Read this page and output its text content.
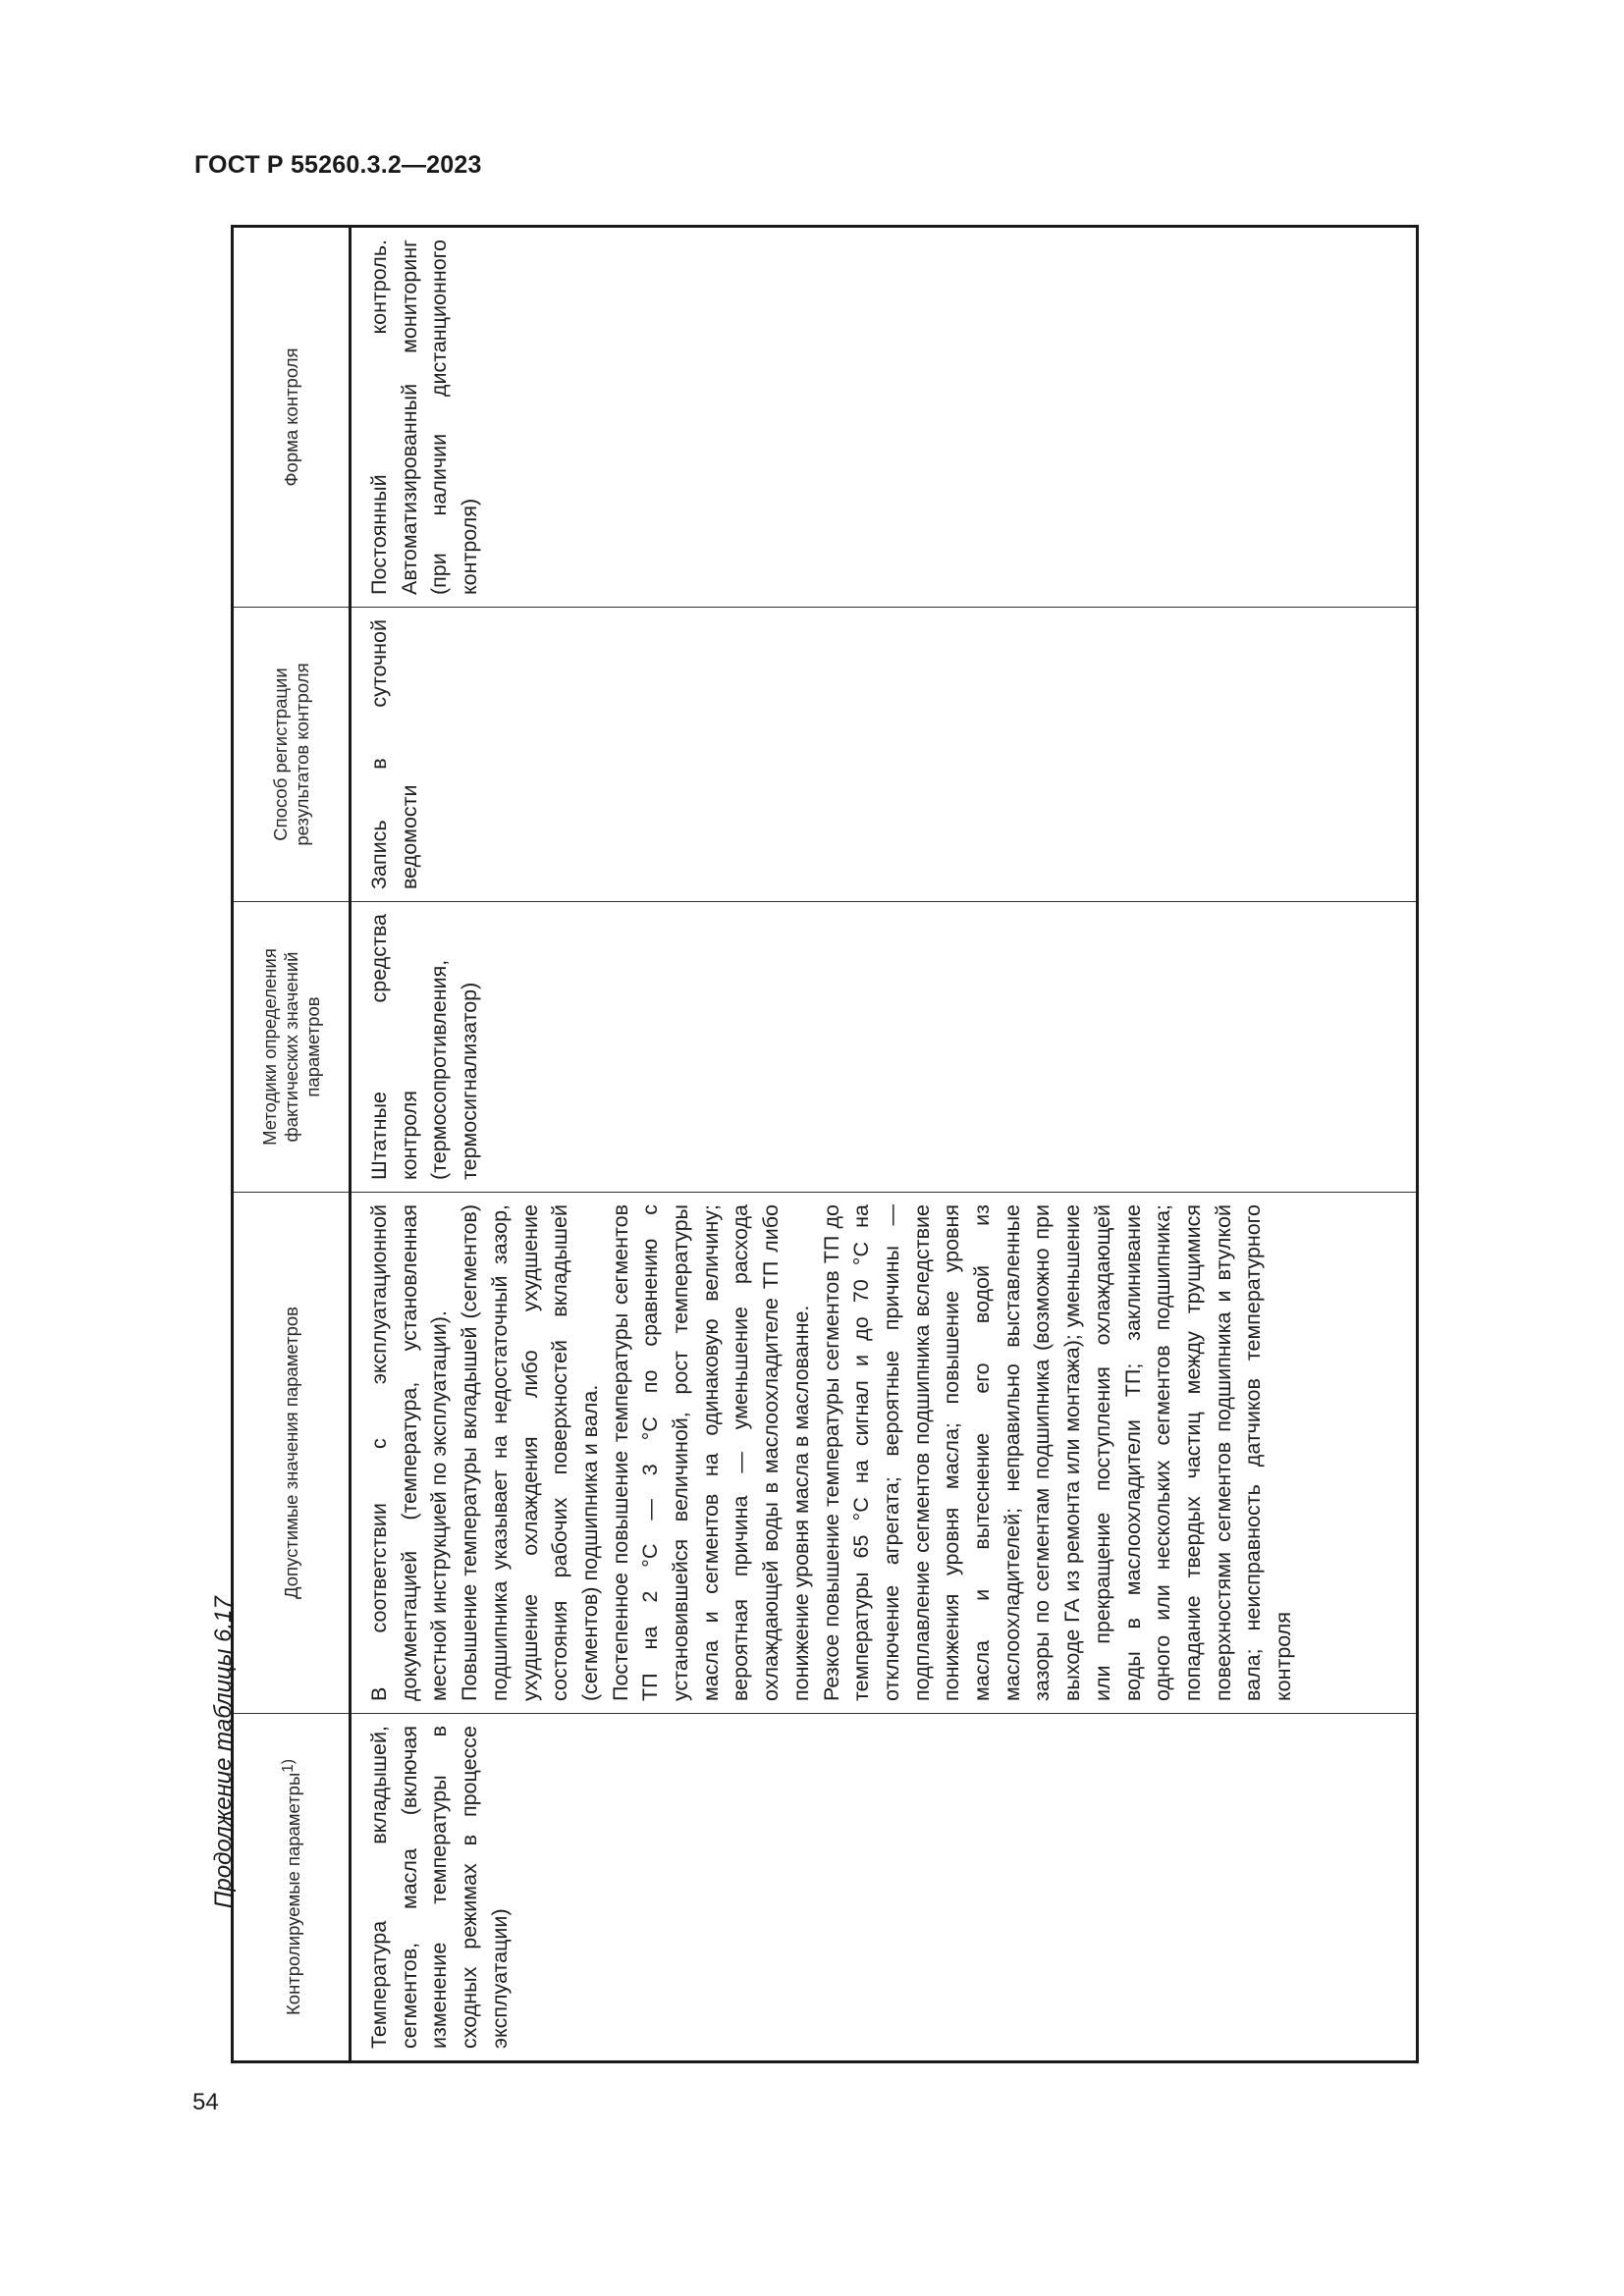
ГОСТ Р 55260.3.2—2023
Продолжение таблицы 6.17
54
Контролируемые параметры$^{1)}$	Допустимые значения параметров	Методики определения фактических значений параметров	Способ регистрации результатов контроля	Форма контроля
Температура вкладышей, сегментов, масла (включая изменение температуры в сходных режимах в процессе эксплуатации)	В соответствии с эксплуатационной документацией (температура, установленная местной инструкцией по эксплуатации). Повышение температуры вкладышей (сегментов) подшипника указывает на недостаточный зазор, ухудшение охлаждения либо ухудшение состояния рабочих поверхностей вкладышей (сегментов) подшипника и вала. Постепенное повышение температуры сегментов ТП на 2 °С — 3 °С по сравнению с установившейся величиной, рост температуры масла и сегментов на одинаковую величину; вероятная причина — уменьшение расхода охлаждающей воды в маслоохладителе ТП либо понижение уровня масла в маслованне. Резкое повышение температуры сегментов ТП до температуры 65 °С на сигнал и до 70 °С на отключение агрегата; вероятные причины — подплавление сегментов подшипника вследствие понижения уровня масла; повышение уровня масла и вытеснение его водой из маслоохладителей; неправильно выставленные зазоры по сегментам подшипника (возможно при выходе ГА из ремонта или монтажа); уменьшение или прекращение поступления охлаждающей воды в маслоохладители ТП; заклинивание одного или нескольких сегментов подшипника; попадание твердых частиц между трущимися поверхностями сегментов подшипника и втулкой вала; неисправность датчиков температурного контроля	Штатные средства контроля (термосопротивления, термосигнализатор)	Запись в суточной ведомости	Постоянный контроль. Автоматизированный мониторинг (при наличии дистанционного контроля)
